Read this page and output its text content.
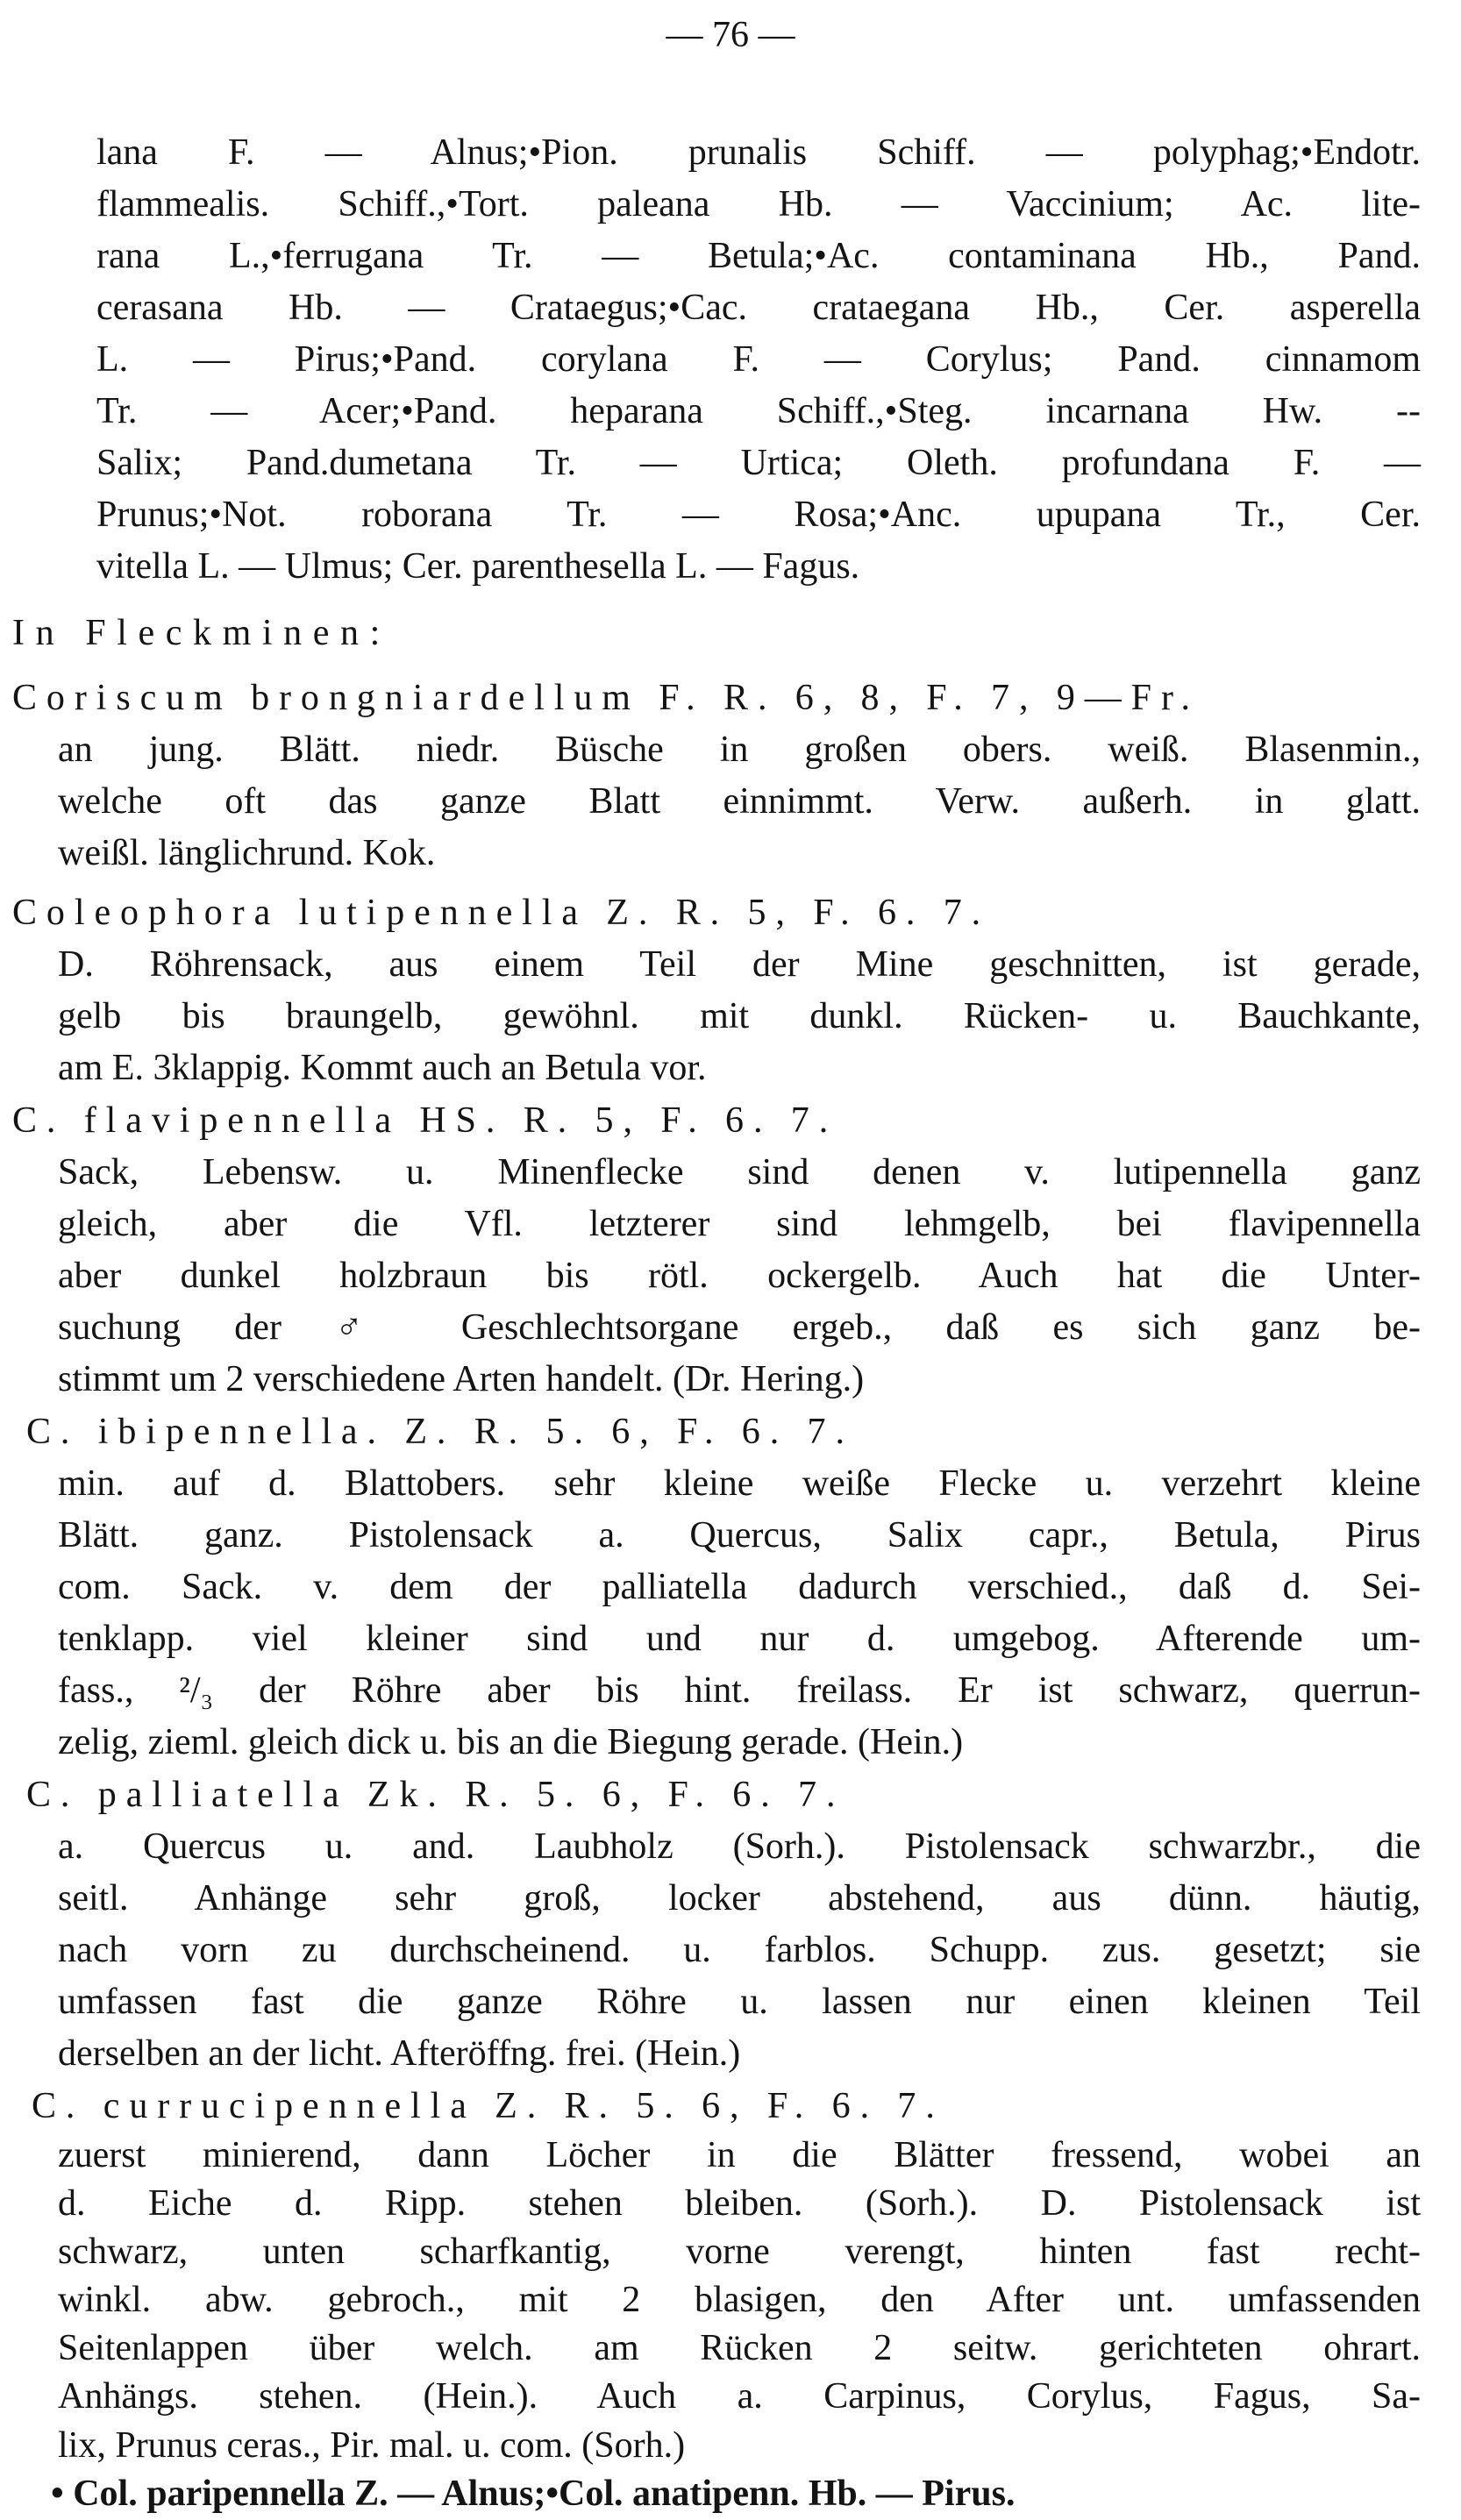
— 76 —
lana F. — Alnus;•Pion. prunalis Schiff. — polyphag;•Endotr.
flammealis. Schiff.,•Tort. paleana Hb. — Vaccinium; Ac. lite-
rana L.,•ferrugana Tr. — Betula;•Ac. contaminana Hb., Pand.
cerasana Hb. — Crataegus;•Cac. crataegana Hb., Cer. asperella
L. — Pirus;•Pand. corylana F. — Corylus; Pand. cinnamom
Tr. — Acer;•Pand. heparana Schiff.,•Steg. incarnana Hw. --
Salix; Pand.dumetana Tr. — Urtica; Oleth. profundana F. —
Prunus;•Not. roborana Tr. — Rosa;•Anc. upupana Tr., Cer.
vitella L. — Ulmus; Cer. parenthesella L. — Fagus.
In Fleckminen:
Coriscum brongniardellum F. R. 6, 8, F. 7, 9—Fr.
an jung. Blätt. niedr. Büsche in großen obers. weiß. Blasenmin.,
welche oft das ganze Blatt einnimmt. Verw. außerh. in glatt.
weißl. länglichrund. Kok.
Coleophora lutipennella Z. R. 5, F. 6. 7.
D. Röhrensack, aus einem Teil der Mine geschnitten, ist gerade,
gelb bis braungelb, gewöhnl. mit dunkl. Rücken- u. Bauchkante,
am E. 3klappig. Kommt auch an Betula vor.
C. flavipennella HS. R. 5, F. 6. 7.
Sack, Lebensw. u. Minenflecke sind denen v. lutipennella ganz
gleich, aber die Vfl. letzterer sind lehmgelb, bei flavipennella
aber dunkel holzbraun bis rötl. ockergelb. Auch hat die Unter-
suchung der ♂ Geschlechtsorgane ergeb., daß es sich ganz be-
stimmt um 2 verschiedene Arten handelt. (Dr. Hering.)
C. ibipennella. Z. R. 5. 6, F. 6. 7.
min. auf d. Blattobers. sehr kleine weiße Flecke u. verzehrt kleine
Blätt. ganz. Pistolensack a. Quercus, Salix capr., Betula, Pirus
com. Sack. v. dem der palliatella dadurch verschied., daß d. Sei-
tenklapp. viel kleiner sind und nur d. umgebog. Afterende um-
fass., ²/₃ der Röhre aber bis hint. freilass. Er ist schwarz, querrun-
zelig, zieml. gleich dick u. bis an die Biegung gerade. (Hein.)
C. palliatella Zk. R. 5. 6, F. 6. 7.
a. Quercus u. and. Laubholz (Sorh.). Pistolensack schwarzbr., die
seitl. Anhänge sehr groß, locker abstehend, aus dünn. häutig,
nach vorn zu durchscheinend. u. farblos. Schupp. zus. gesetzt; sie
umfassen fast die ganze Röhre u. lassen nur einen kleinen Teil
derselben an der licht. Afteröffng. frei. (Hein.)
C. currucipennella Z. R. 5. 6, F. 6. 7.
zuerst minierend, dann Löcher in die Blätter fressend, wobei an
d. Eiche d. Ripp. stehen bleiben. (Sorh.). D. Pistolensack ist
schwarz, unten scharfkantig, vorne verengt, hinten fast recht-
winkl. abw. gebroch., mit 2 blasigen, den After unt. umfassenden
Seitenlappen über welch. am Rücken 2 seitw. gerichteten ohrart.
Anhängs. stehen. (Hein.). Auch a. Carpinus, Corylus, Fagus, Sa-
lix, Prunus ceras., Pir. mal. u. com. (Sorh.)
• Col. paripennella Z. — Alnus;•Col. anatipenn. Hb. — Pirus.
